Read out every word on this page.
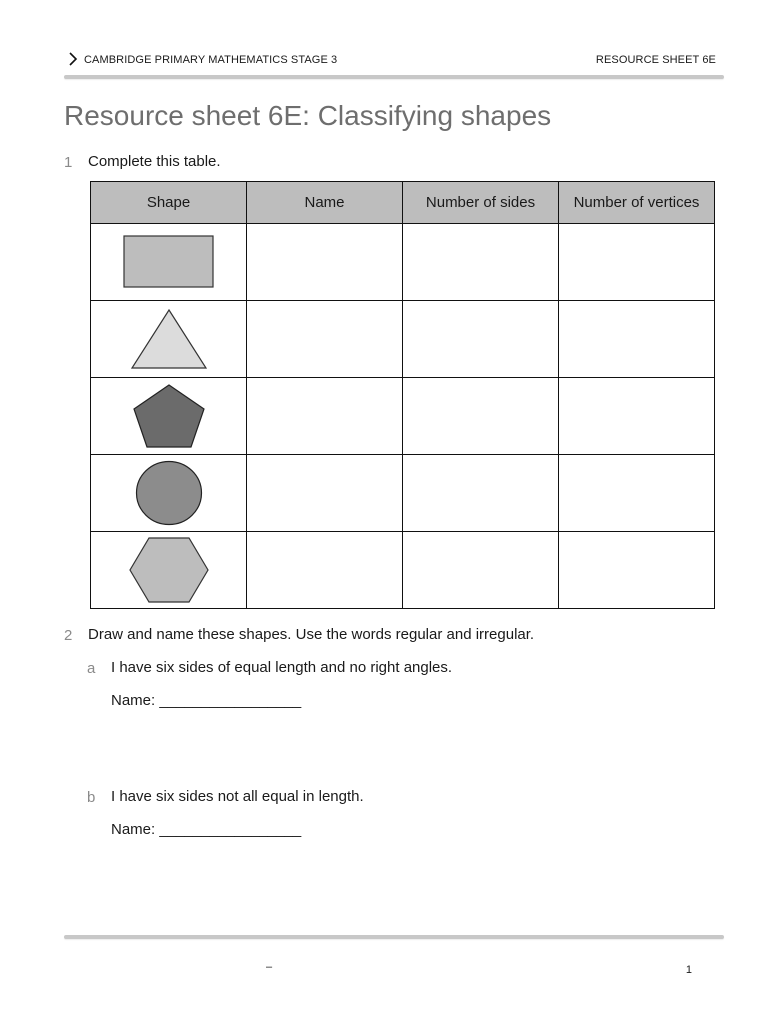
CAMBRIDGE PRIMARY MATHEMATICS STAGE 3	RESOURCE SHEET 6E
Resource sheet 6E: Classifying shapes
1 Complete this table.
Shape	Name	Number of sides	Number of vertices

2 Draw and name these shapes. Use the words regular and irregular.
a I have six sides of equal length and no right angles.
Name: _________________
b I have six sides not all equal in length.
Name: _________________
–	1
